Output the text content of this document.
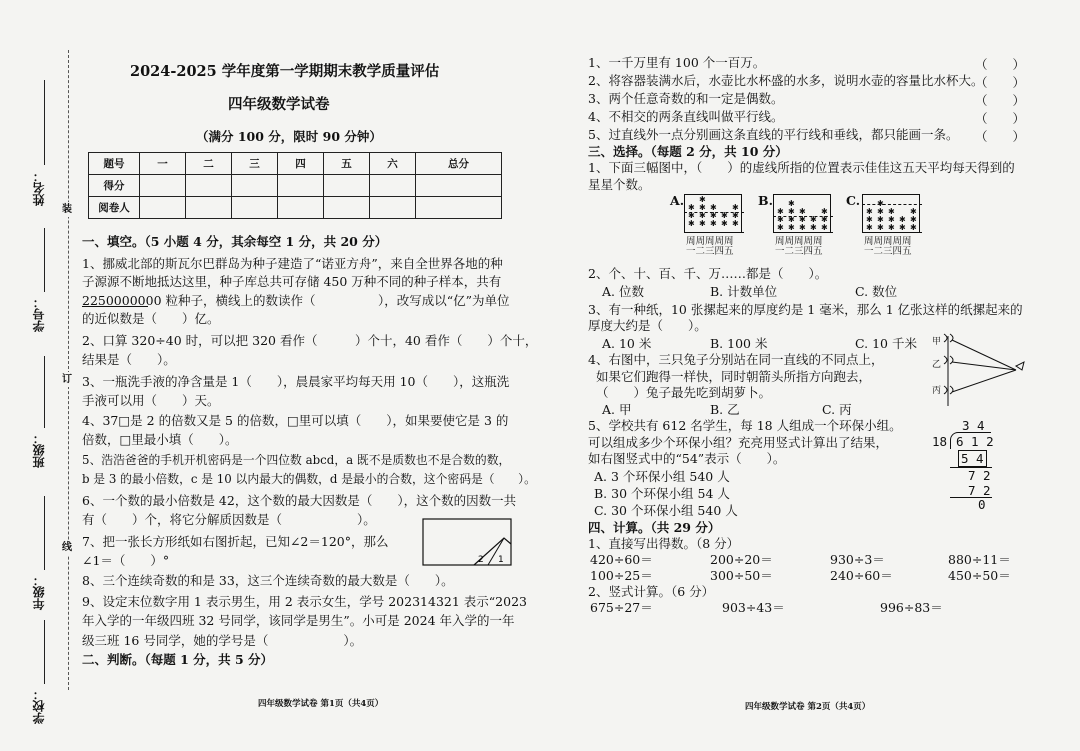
姓名：
学号：
班级：
年级：
学校：
装
订
线
2024-2025 学年度第一学期期末教学质量评估
四年级数学试卷
（满分 100 分，限时 90 分钟）
题号	一	二	三	四	五	六	总分
得分							
阅卷人							
一、填空。（5 小题 4 分，其余每空 1 分，共 20 分）
1、挪威北部的斯瓦尔巴群岛为种子建造了“诺亚方舟”，来自全世界各地的种
子源源不断地抵达这里，种子库总共可存储 450 万种不同的种子样本，共有
2250000000 粒种子，横线上的数读作（　　　　　），改写成以“亿”为单位
的近似数是（　　）亿。
2、口算 320÷40 时，可以把 320 看作（　　　）个十，40 看作（　　）个十，
结果是（　　）。
3、一瓶洗手液的净含量是 1（　　），晨晨家平均每天用 10（　　），这瓶洗
手液可以用（　　）天。
4、37□是 2 的倍数又是 5 的倍数，□里可以填（　　），如果要使它是 3 的
倍数，□里最小填（　　）。
5、浩浩爸爸的手机开机密码是一个四位数 abcd，a 既不是质数也不是合数的数，
b 是 3 的最小倍数，c 是 10 以内最大的偶数，d 是最小的合数，这个密码是（　　）。
6、一个数的最小倍数是 42，这个数的最大因数是（　　），这个数的因数一共
有（　　）个，将它分解质因数是（　　　　　　）。
7、把一张长方形纸如右图折起，已知∠2＝120°，那么
∠1＝（　　）°	2 1
8、三个连续奇数的和是 33，这三个连续奇数的最大数是（　　）。
9、设定末位数字用 1 表示男生，用 2 表示女生，学号 202314321 表示“2023
年入学的一年级四班 32 号同学，该同学是男生”。小可是 2024 年入学的一年
级三班 16 号同学，她的学号是（　　　　　　）。
二、判断。（每题 1 分，共 5 分）
四年级数学试卷 第1页（共4页）
1、一千万里有 100 个一百万。	（　　）
2、将容器装满水后，水壶比水杯盛的水多，说明水壶的容量比水杯大。
（　　）
3、两个任意奇数的和一定是偶数。	（　　）
4、不相交的两条直线叫做平行线。	（　　）
5、过直线外一点分别画这条直线的平行线和垂线，都只能画一条。 （　　）
三、选择。（每题 2 分，共 10 分）
1、下面三幅图中，（　　）的虚线所指的位置表示佳佳这五天平均每天得到的
星星个数。
A. ✱
✱
✱
✱
✱
✱
✱
✱
✱
✱
✱
✱
✱
✱
✱
周周周周周
一二三四五
B.
✱
✱
✱
✱
✱
✱
✱
✱
✱
✱
✱
✱
✱
✱
✱
周周周周周
一二三四五
C.
✱
✱
✱
✱
✱
✱
✱
✱
✱
✱
✱
✱
✱
✱
✱
周周周周周
一二三四五
2、个、十、百、千、万……都是（　　）。
A. 位数	B. 计数单位	C. 数位
3、有一种纸，10 张摞起来的厚度约是 1 毫米，那么 1 亿张这样的纸摞起来的
厚度大约是（　　）。
A. 10 米	B. 100 米	C. 10 千米
4、右图中，三只兔子分别站在同一直线的不同点上，
如果它们跑得一样快，同时朝箭头所指方向跑去，
（　　）兔子最先吃到胡萝卜。
A. 甲	B. 乙	C. 丙
甲
乙
丙
5、学校共有 612 名学生，每 18 人组成一个环保小组。
可以组成多少个环保小组？充亮用竖式计算出了结果，
如右图竖式中的“54”表示（　　）。
A. 3 个环保小组 540 人
B. 30 个环保小组 54 人
C. 30 个环保小组 540 人
3 4
18 6 1 2
5 4
7 2
7 2
0
四、计算。（共 29 分）
1、直接写出得数。（8 分）
420÷60＝	200÷20＝	930÷3＝	880÷11＝
100÷25＝	300÷50＝	240÷60＝	450÷50＝
2、竖式计算。（6 分）
675÷27＝	903÷43＝	996÷83＝
四年级数学试卷 第2页（共4页）
